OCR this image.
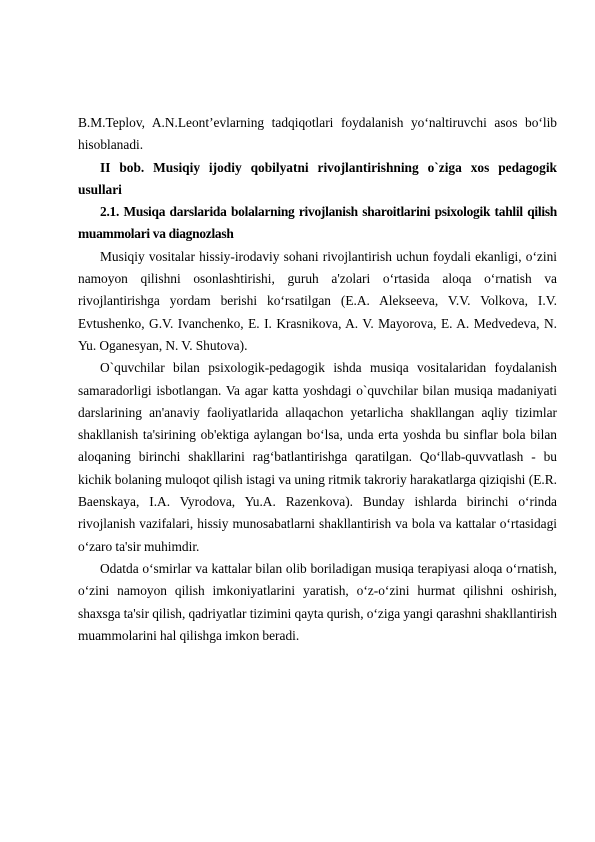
B.M.Teplov, A.N.Leont’evlarning tadqiqotlari foydalanish yo‘naltiruvchi asos bo‘lib hisoblanadi.

II bob. Musiqiy ijodiy qobilyatni rivojlantirishning o`ziga xos pedagogik usullari

2.1. Musiqa darslarida bolalarning rivojlanish sharoitlarini psixologik tahlil qilish muammolari va diagnozlash

Musiqiy vositalar hissiy-irodaviy sohani rivojlantirish uchun foydali ekanligi, o‘zini namoyon qilishni osonlashtirishi, guruh a'zolari o‘rtasida aloqa o‘rnatish va rivojlantirishga yordam berishi ko‘rsatilgan (E.A. Alekseeva, V.V. Volkova, I.V. Evtushenko, G.V. Ivanchenko, E. I. Krasnikova, A. V. Mayorova, E. A. Medvedeva, N. Yu. Oganesyan, N. V. Shutova).

O`quvchilar bilan psixologik-pedagogik ishda musiqa vositalaridan foydalanish samaradorligi isbotlangan. Va agar katta yoshdagi o`quvchilar bilan musiqa madaniyati darslarining an'anaviy faoliyatlarida allaqachon yetarlicha shakllangan aqliy tizimlar shakllanish ta'sirining ob'ektiga aylangan bo‘lsa, unda erta yoshda bu sinflar bola bilan aloqaning birinchi shakllarini rag‘batlantirishga qaratilgan. Qo‘llab-quvvatlash - bu kichik bolaning muloqot qilish istagi va uning ritmik takroriy harakatlarga qiziqishi (E.R. Baenskaya, I.A. Vyrodova, Yu.A. Razenkova). Bunday ishlarda birinchi o‘rinda rivojlanish vazifalari, hissiy munosabatlarni shakllantirish va bola va kattalar o‘rtasidagi o‘zaro ta'sir muhimdir.

Odatda o‘smirlar va kattalar bilan olib boriladigan musiqa terapiyasi aloqa o‘rnatish, o‘zini namoyon qilish imkoniyatlarini yaratish, o‘z-o‘zini hurmat qilishni oshirish, shaxsga ta'sir qilish, qadriyatlar tizimini qayta qurish, o‘ziga yangi qarashni shakllantirish muammolarini hal qilishga imkon beradi.
